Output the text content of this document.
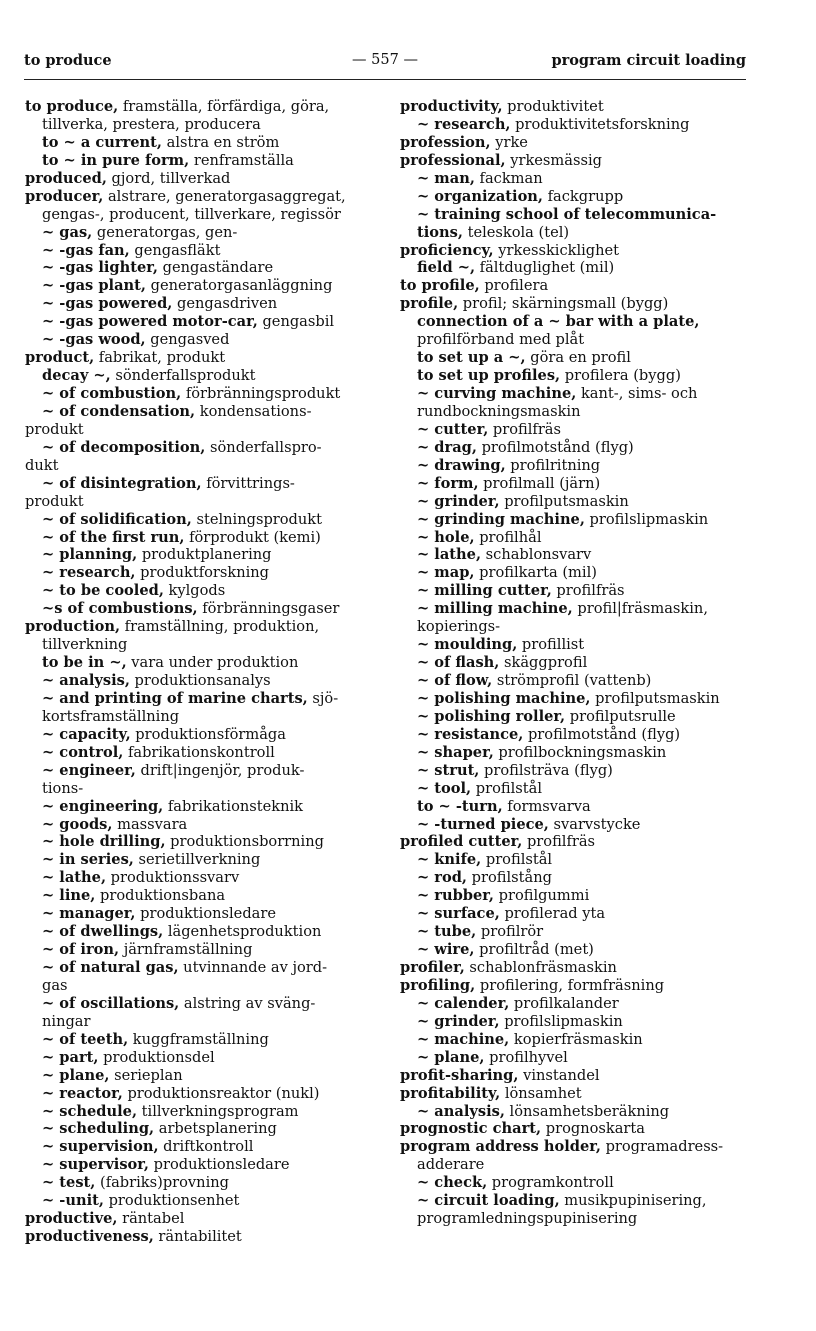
to produce	— 557 —	program circuit loading
to produce, framställa, förfärdiga, göra,
tillverka, prestera, producera
to ~ a current, alstra en ström
to ~ in pure form, renframställa
produced, gjord, tillverkad
producer, alstrare, generatorgasaggregat,
gengas-, producent, tillverkare, regissör
~ gas, generatorgas, gen-
~ -gas fan, gengasfläkt
~ -gas lighter, gengaständare
~ -gas plant, generatorgasanläggning
~ -gas powered, gengasdriven
~ -gas powered motor-car, gengasbil
~ -gas wood, gengasved
product, fabrikat, produkt
decay ~, sönderfallsprodukt
~ of combustion, förbränningsprodukt
~ of condensation, kondensations-
produkt
~ of decomposition, sönderfallspro-
dukt
~ of disintegration, förvittrings-
produkt
~ of solidification, stelningsprodukt
~ of the first run, förprodukt (kemi)
~ planning, produktplanering
~ research, produktforskning
~ to be cooled, kylgods
~s of combustions, förbränningsgaser
production, framställning, produktion,
tillverkning
to be in ~, vara under produktion
~ analysis, produktionsanalys
~ and printing of marine charts, sjö-
kortsframställning
~ capacity, produktionsförmåga
~ control, fabrikationskontroll
~ engineer, drift|ingenjör, produk-
tions-
~ engineering, fabrikationsteknik
~ goods, massvara
~ hole drilling, produktionsborrning
~ in series, serietillverkning
~ lathe, produktionssvarv
~ line, produktionsbana
~ manager, produktionsledare
~ of dwellings, lägenhetsproduktion
~ of iron, järnframställning
~ of natural gas, utvinnande av jord-
gas
~ of oscillations, alstring av sväng-
ningar
~ of teeth, kuggframställning
~ part, produktionsdel
~ plane, serieplan
~ reactor, produktionsreaktor (nukl)
~ schedule, tillverkningsprogram
~ scheduling, arbetsplanering
~ supervision, driftkontroll
~ supervisor, produktionsledare
~ test, (fabriks)provning
~ -unit, produktionsenhet
productive, räntabel
productiveness, räntabilitet
productivity, produktivitet
~ research, produktivitetsforskning
profession, yrke
professional, yrkesmässig
~ man, fackman
~ organization, fackgrupp
~ training school of telecommunica-
tions, teleskola (tel)
proficiency, yrkesskicklighet
field ~, fältduglighet (mil)
to profile, profilera
profile, profil; skärningsmall (bygg)
connection of a ~ bar with a plate,
profilförband med plåt
to set up a ~, göra en profil
to set up profiles, profilera (bygg)
~ curving machine, kant-, sims- och
rundbockningsmaskin
~ cutter, profilfräs
~ drag, profilmotstånd (flyg)
~ drawing, profilritning
~ form, profilmall (järn)
~ grinder, profilputsmaskin
~ grinding machine, profilslipmaskin
~ hole, profilhål
~ lathe, schablonsvarv
~ map, profilkarta (mil)
~ milling cutter, profilfräs
~ milling machine, profil|fräsmaskin,
kopierings-
~ moulding, profillist
~ of flash, skäggprofil
~ of flow, strömprofil (vattenb)
~ polishing machine, profilputsmaskin
~ polishing roller, profilputsrulle
~ resistance, profilmotstånd (flyg)
~ shaper, profilbockningsmaskin
~ strut, profilsträva (flyg)
~ tool, profilstål
to ~ -turn, formsvarva
~ -turned piece, svarvstycke
profiled cutter, profilfräs
~ knife, profilstål
~ rod, profilstång
~ rubber, profilgummi
~ surface, profilerad yta
~ tube, profilrör
~ wire, profiltråd (met)
profiler, schablonfräsmaskin
profiling, profilering, formfräsning
~ calender, profilkalander
~ grinder, profilslipmaskin
~ machine, kopierfräsmaskin
~ plane, profilhyvel
profit-sharing, vinstandel
profitability, lönsamhet
~ analysis, lönsamhetsberäkning
prognostic chart, prognoskarta
program address holder, programadress-
adderare
~ check, programkontroll
~ circuit loading, musikpupinisering,
programledningspupinisering
